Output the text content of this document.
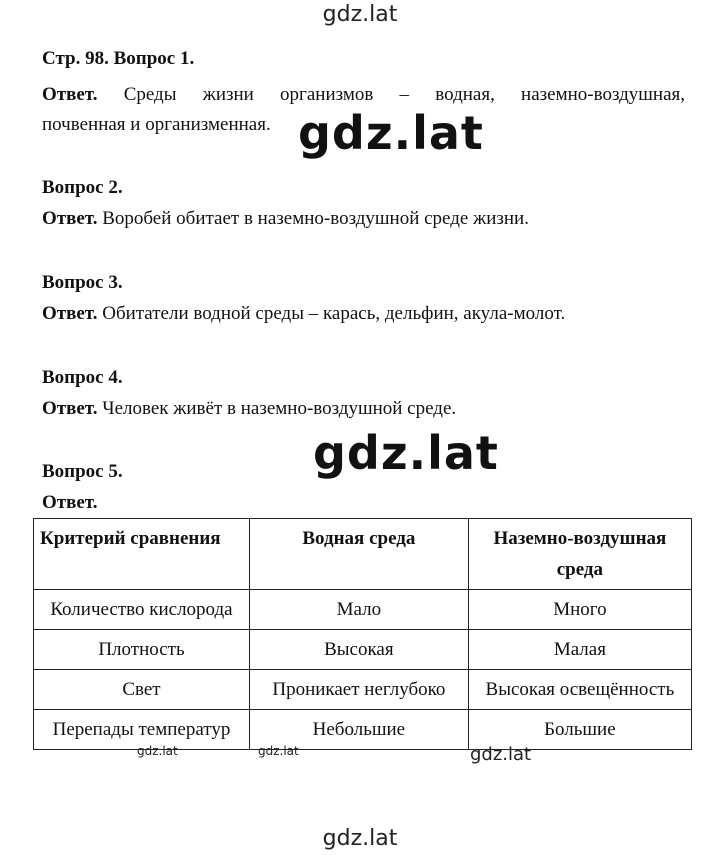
gdz.lat
Стр. 98. Вопрос 1.
Ответ. Среды жизни организмов – водная, наземно-воздушная,
почвенная и организменная. gdz.lat
Вопрос 2.
Ответ. Воробей обитает в наземно-воздушной среде жизни.
Вопрос 3.
Ответ. Обитатели водной среды – карась, дельфин, акула-молот.
Вопрос 4.
Ответ. Человек живёт в наземно-воздушной среде.
gdz.lat
Вопрос 5.
Ответ.
Критерий сравнения	Водная среда	Наземно-воздушная среда
Количество кислорода	Мало	Много
Плотность	Высокая	Малая
Свет	Проникает неглубоко	Высокая освещённость
Перепады температур	Небольшие	Большие
gdz.lat	gdz.lat	gdz.lat
gdz.lat
